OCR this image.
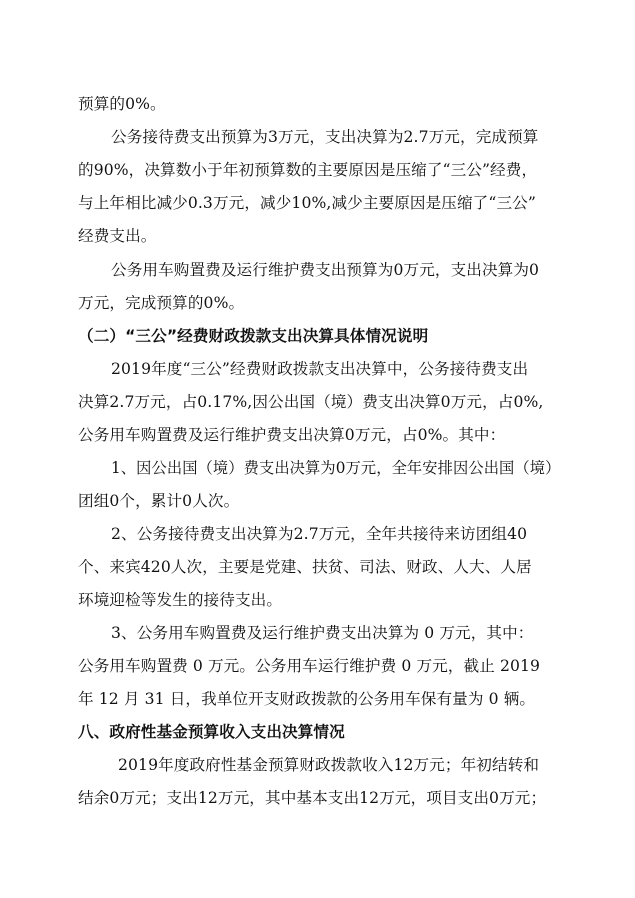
预算的0%。
公务接待费支出预算为3万元，支出决算为2.7万元，完成预算
的90%，决算数小于年初预算数的主要原因是压缩了“三公”经费，
与上年相比减少0.3万元，减少10%,减少主要原因是压缩了“三公”
经费支出。
公务用车购置费及运行维护费支出预算为0万元，支出决算为0
万元，完成预算的0%。
（二）“三公”经费财政拨款支出决算具体情况说明
2019年度“三公”经费财政拨款支出决算中，公务接待费支出
决算2.7万元，占0.17%,因公出国（境）费支出决算0万元，占0%,
公务用车购置费及运行维护费支出决算0万元，占0%。其中：
1、因公出国（境）费支出决算为0万元，全年安排因公出国（境）
团组0个，累计0人次。
2、公务接待费支出决算为2.7万元，全年共接待来访团组40
个、来宾420人次，主要是党建、扶贫、司法、财政、人大、人居
环境迎检等发生的接待支出。
3、公务用车购置费及运行维护费支出决算为 0 万元，其中：
公务用车购置费 0 万元。公务用车运行维护费 0 万元，截止 2019
年 12 月 31 日，我单位开支财政拨款的公务用车保有量为 0 辆。
八、政府性基金预算收入支出决算情况
2019年度政府性基金预算财政拨款收入12万元；年初结转和
结余0万元；支出12万元，其中基本支出12万元，项目支出0万元；
